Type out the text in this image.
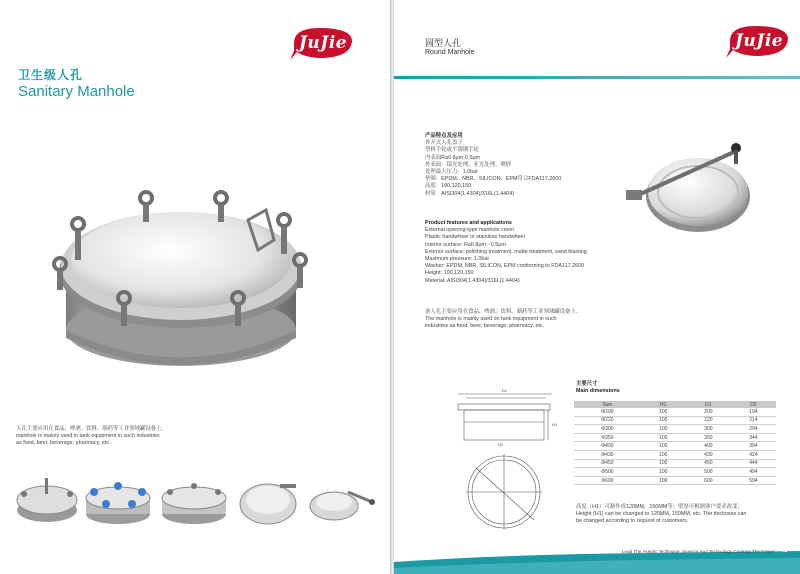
JuJie
卫生级人孔
Sanitary Manhole
人孔主要应用在食品、啤酒、饮料、制药等工业领域罐设备上。
manhole is mainly used in tank equipment in such industries
as food, beer, beverage, pharmacy, etc.
JuJie
圆型人孔
Round Manhole
产品特点及应用
外开式人孔盖子
塑料手轮或不锈钢手轮
内表面Ra0.8μm-0.5μm
外表面：镜光处理、亚光处理、喷砂
处理最大压力：1.0bar
垫圈：EPDM、NBR、SILICON、EPM符合FDA117.2600
高度：100,120,150
材质：AISI304(1.4304)/316L(1.4404)
Product features and applications
External opening-type manhole cover
Plastic handwheel or stainless handwheel
Interior surface: Ra0.8μm - 0.5μm
Exterior surface: polishing treatment, matte treatment, sand blasting
Maximum pressure: 1.0bar
Washer: EPDM, NBR, SILICON, EPM conforming to FDA117.2600
Height: 100,120,150
Material: AISI304(1.4304)/316L(1.4404)
该人孔主要应用在食品、啤酒、饮料、制药等工业领域罐设备上。
The manhole is mainly used on tank equipment in such
industries as food, beer, beverage, pharmacy, etc.
主要尺寸
Main dimensions
D1
H1
D2
Size	H1	D1	D2
Φ200	100	200	194
Φ220	100	220	214
Φ300	100	300	294
Φ350	100	350	344
Φ400	100	400	394
Φ430	100	430	424
Φ450	100	450	444
Φ500	100	500	494
Φ600	100	600	594
高度（H1）可制作成120MM，150MM等；壁厚可根据客户要求改变；
Height (H1) can be changed to 120MM, 150MM, etc. The thickness can
be changed according to request of customers.
Lead The Aseptic Technique, Science And Technology Creating The Future 49
